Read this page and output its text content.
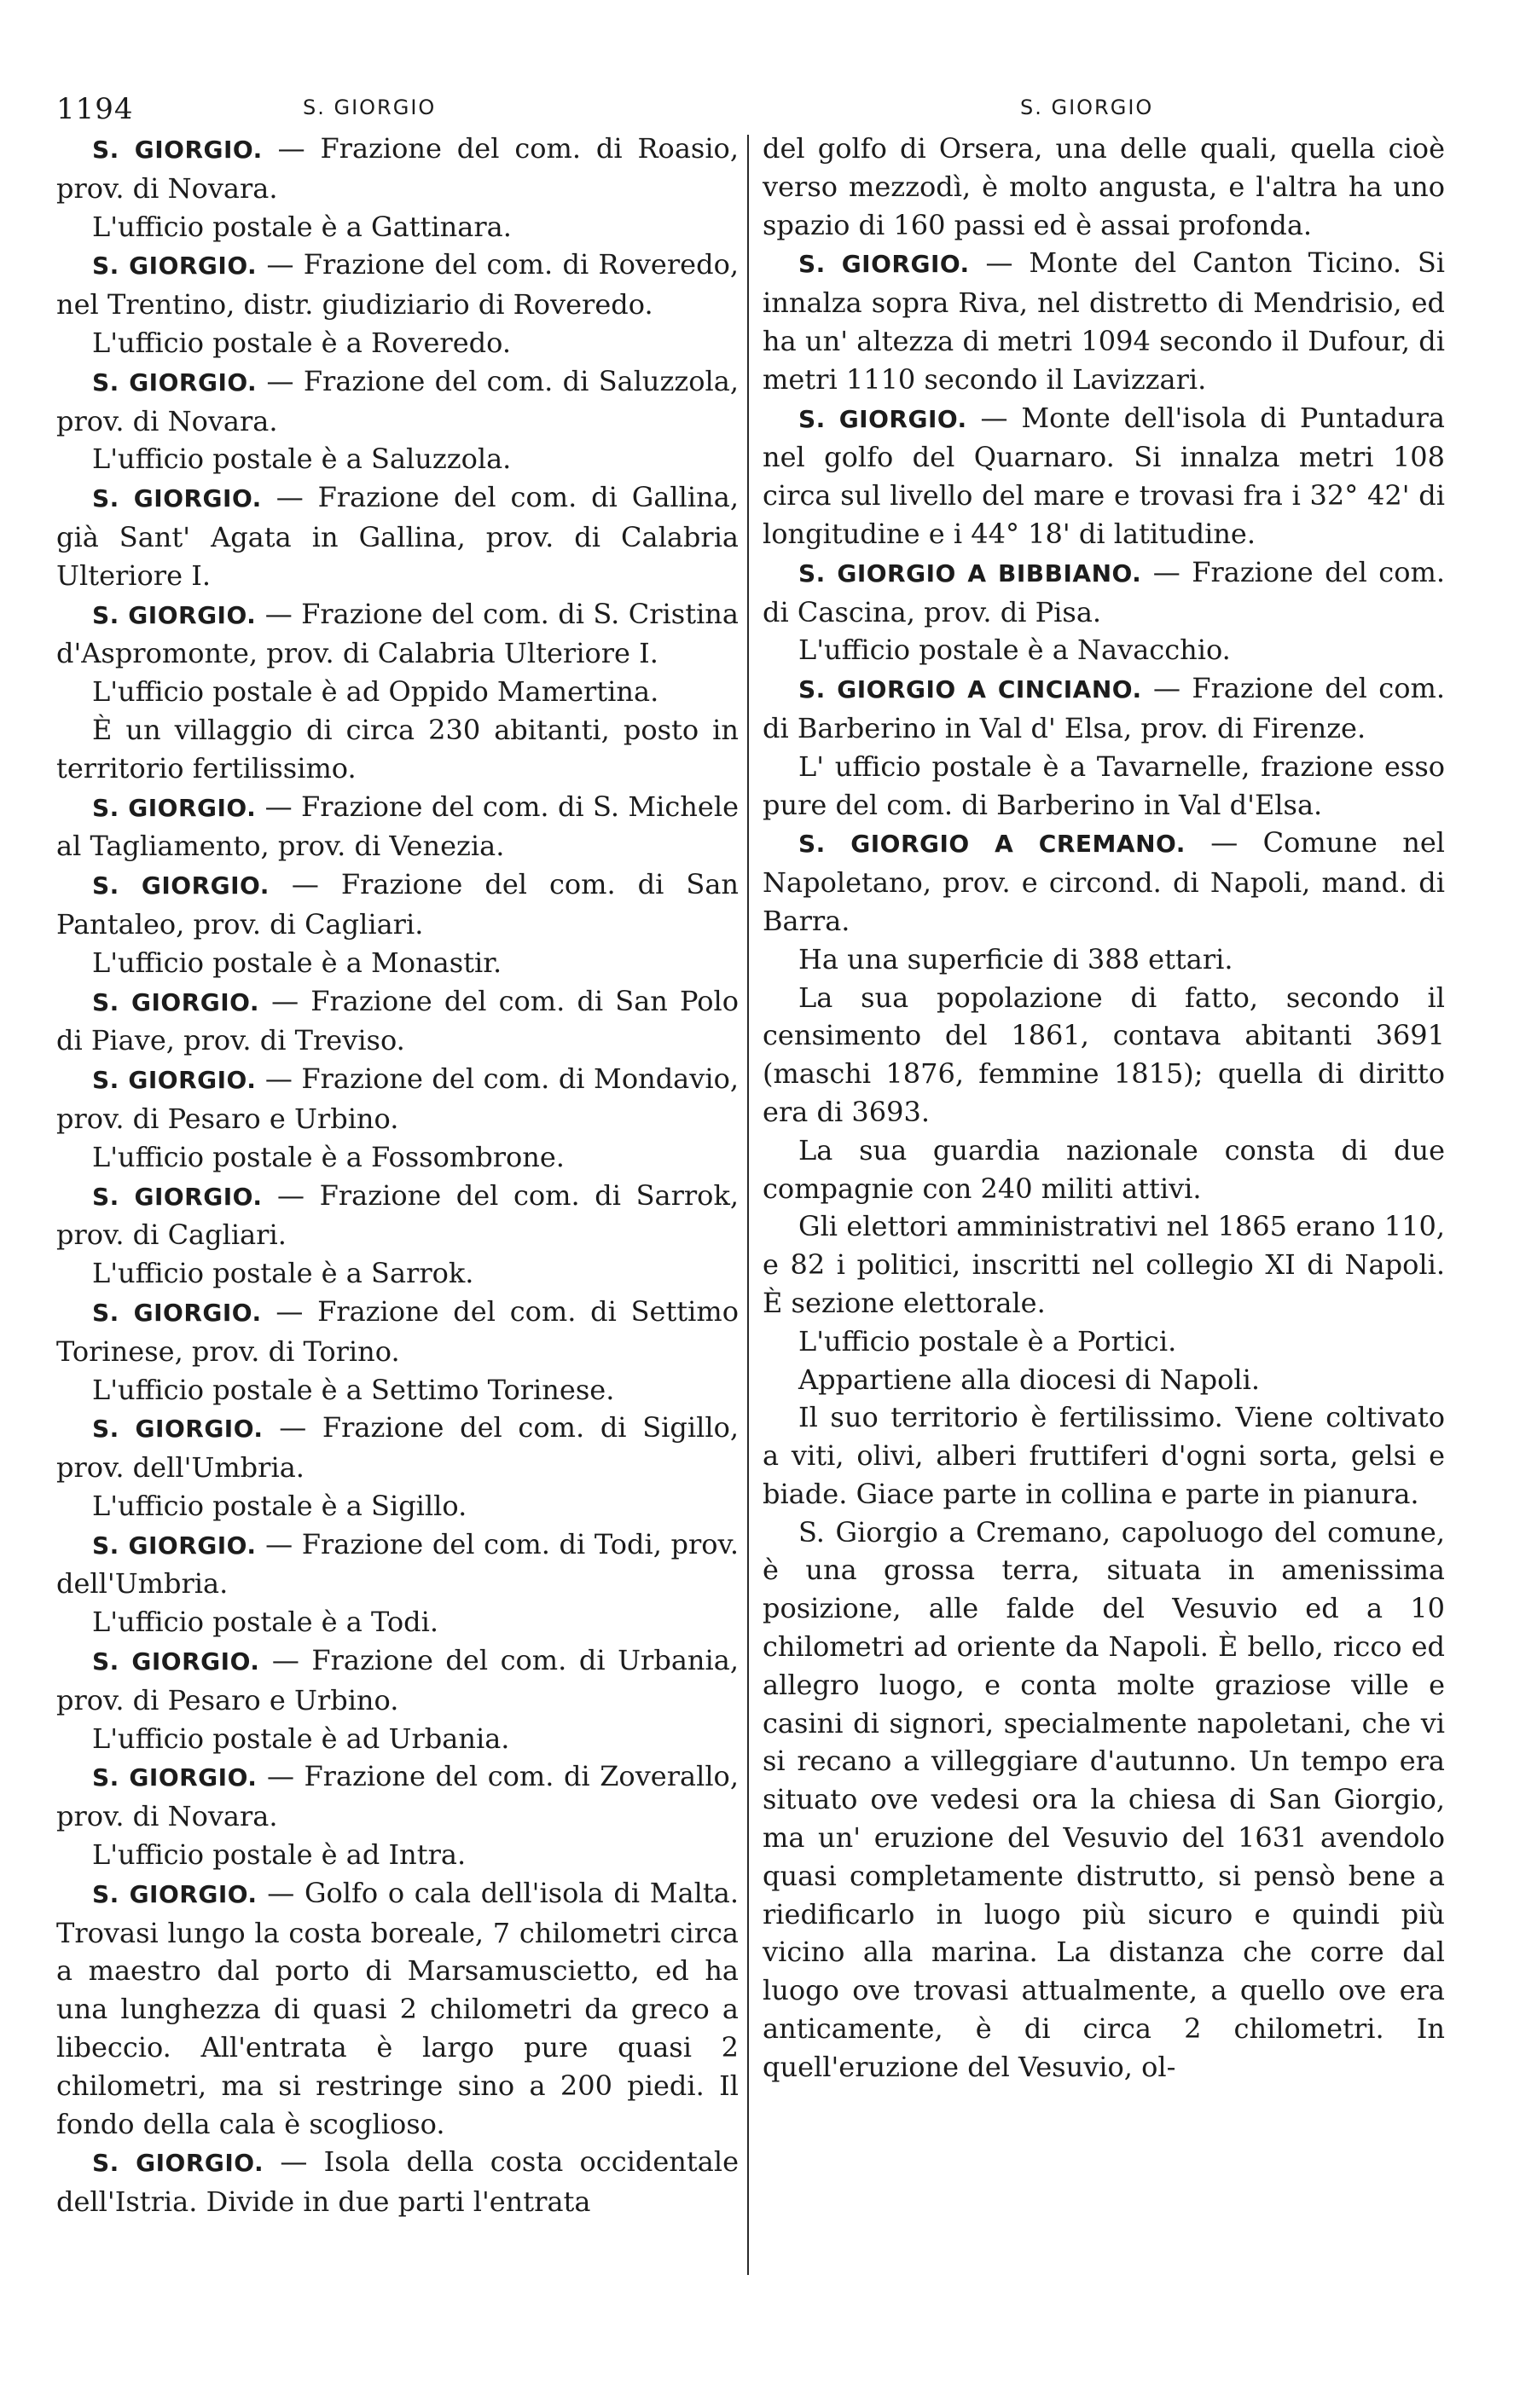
1194	S. GIORGIO	S. GIORGIO

S. GIORGIO. — Frazione del com. di Roasio, prov. di Novara.

L'ufficio postale è a Gattinara.

S. GIORGIO. — Frazione del com. di Roveredo, nel Trentino, distr. giudiziario di Roveredo.

L'ufficio postale è a Roveredo.

S. GIORGIO. — Frazione del com. di Saluzzola, prov. di Novara.

L'ufficio postale è a Saluzzola.

S. GIORGIO. — Frazione del com. di Gallina, già Sant' Agata in Gallina, prov. di Calabria Ulteriore I.

S. GIORGIO. — Frazione del com. di S. Cristina d'Aspromonte, prov. di Calabria Ulteriore I.

L'ufficio postale è ad Oppido Mamertina.

È un villaggio di circa 230 abitanti, posto in territorio fertilissimo.

S. GIORGIO. — Frazione del com. di S. Michele al Tagliamento, prov. di Venezia.

S. GIORGIO. — Frazione del com. di San Pantaleo, prov. di Cagliari.

L'ufficio postale è a Monastir.

S. GIORGIO. — Frazione del com. di San Polo di Piave, prov. di Treviso.

S. GIORGIO. — Frazione del com. di Mondavio, prov. di Pesaro e Urbino.

L'ufficio postale è a Fossombrone.

S. GIORGIO. — Frazione del com. di Sarrok, prov. di Cagliari.

L'ufficio postale è a Sarrok.

S. GIORGIO. — Frazione del com. di Settimo Torinese, prov. di Torino.

L'ufficio postale è a Settimo Torinese.

S. GIORGIO. — Frazione del com. di Sigillo, prov. dell'Umbria.

L'ufficio postale è a Sigillo.

S. GIORGIO. — Frazione del com. di Todi, prov. dell'Umbria.

L'ufficio postale è a Todi.

S. GIORGIO. — Frazione del com. di Urbania, prov. di Pesaro e Urbino.

L'ufficio postale è ad Urbania.

S. GIORGIO. — Frazione del com. di Zoverallo, prov. di Novara.

L'ufficio postale è ad Intra.

S. GIORGIO. — Golfo o cala dell'isola di Malta. Trovasi lungo la costa boreale, 7 chilometri circa a maestro dal porto di Marsamuscietto, ed ha una lunghezza di quasi 2 chilometri da greco a libeccio. All'entrata è largo pure quasi 2 chilometri, ma si restringe sino a 200 piedi. Il fondo della cala è scoglioso.

S. GIORGIO. — Isola della costa occidentale dell'Istria. Divide in due parti l'entrata

del golfo di Orsera, una delle quali, quella cioè verso mezzodì, è molto angusta, e l'altra ha uno spazio di 160 passi ed è assai profonda.

S. GIORGIO. — Monte del Canton Ticino. Si innalza sopra Riva, nel distretto di Mendrisio, ed ha un' altezza di metri 1094 secondo il Dufour, di metri 1110 secondo il Lavizzari.

S. GIORGIO. — Monte dell'isola di Puntadura nel golfo del Quarnaro. Si innalza metri 108 circa sul livello del mare e trovasi fra i 32° 42' di longitudine e i 44° 18' di latitudine.

S. GIORGIO A BIBBIANO. — Frazione del com. di Cascina, prov. di Pisa.

L'ufficio postale è a Navacchio.

S. GIORGIO A CINCIANO. — Frazione del com. di Barberino in Val d' Elsa, prov. di Firenze.

L' ufficio postale è a Tavarnelle, frazione esso pure del com. di Barberino in Val d'Elsa.

S. GIORGIO A CREMANO. — Comune nel Napoletano, prov. e circond. di Napoli, mand. di Barra.

Ha una superficie di 388 ettari.

La sua popolazione di fatto, secondo il censimento del 1861, contava abitanti 3691 (maschi 1876, femmine 1815); quella di diritto era di 3693.

La sua guardia nazionale consta di due compagnie con 240 militi attivi.

Gli elettori amministrativi nel 1865 erano 110, e 82 i politici, inscritti nel collegio XI di Napoli. È sezione elettorale.

L'ufficio postale è a Portici.

Appartiene alla diocesi di Napoli.

Il suo territorio è fertilissimo. Viene coltivato a viti, olivi, alberi fruttiferi d'ogni sorta, gelsi e biade. Giace parte in collina e parte in pianura.

S. Giorgio a Cremano, capoluogo del comune, è una grossa terra, situata in amenissima posizione, alle falde del Vesuvio ed a 10 chilometri ad oriente da Napoli. È bello, ricco ed allegro luogo, e conta molte graziose ville e casini di signori, specialmente napoletani, che vi si recano a villeggiare d'autunno. Un tempo era situato ove vedesi ora la chiesa di San Giorgio, ma un' eruzione del Vesuvio del 1631 avendolo quasi completamente distrutto, si pensò bene a riedificarlo in luogo più sicuro e quindi più vicino alla marina. La distanza che corre dal luogo ove trovasi attualmente, a quello ove era anticamente, è di circa 2 chilometri. In quell'eruzione del Vesuvio, ol-
